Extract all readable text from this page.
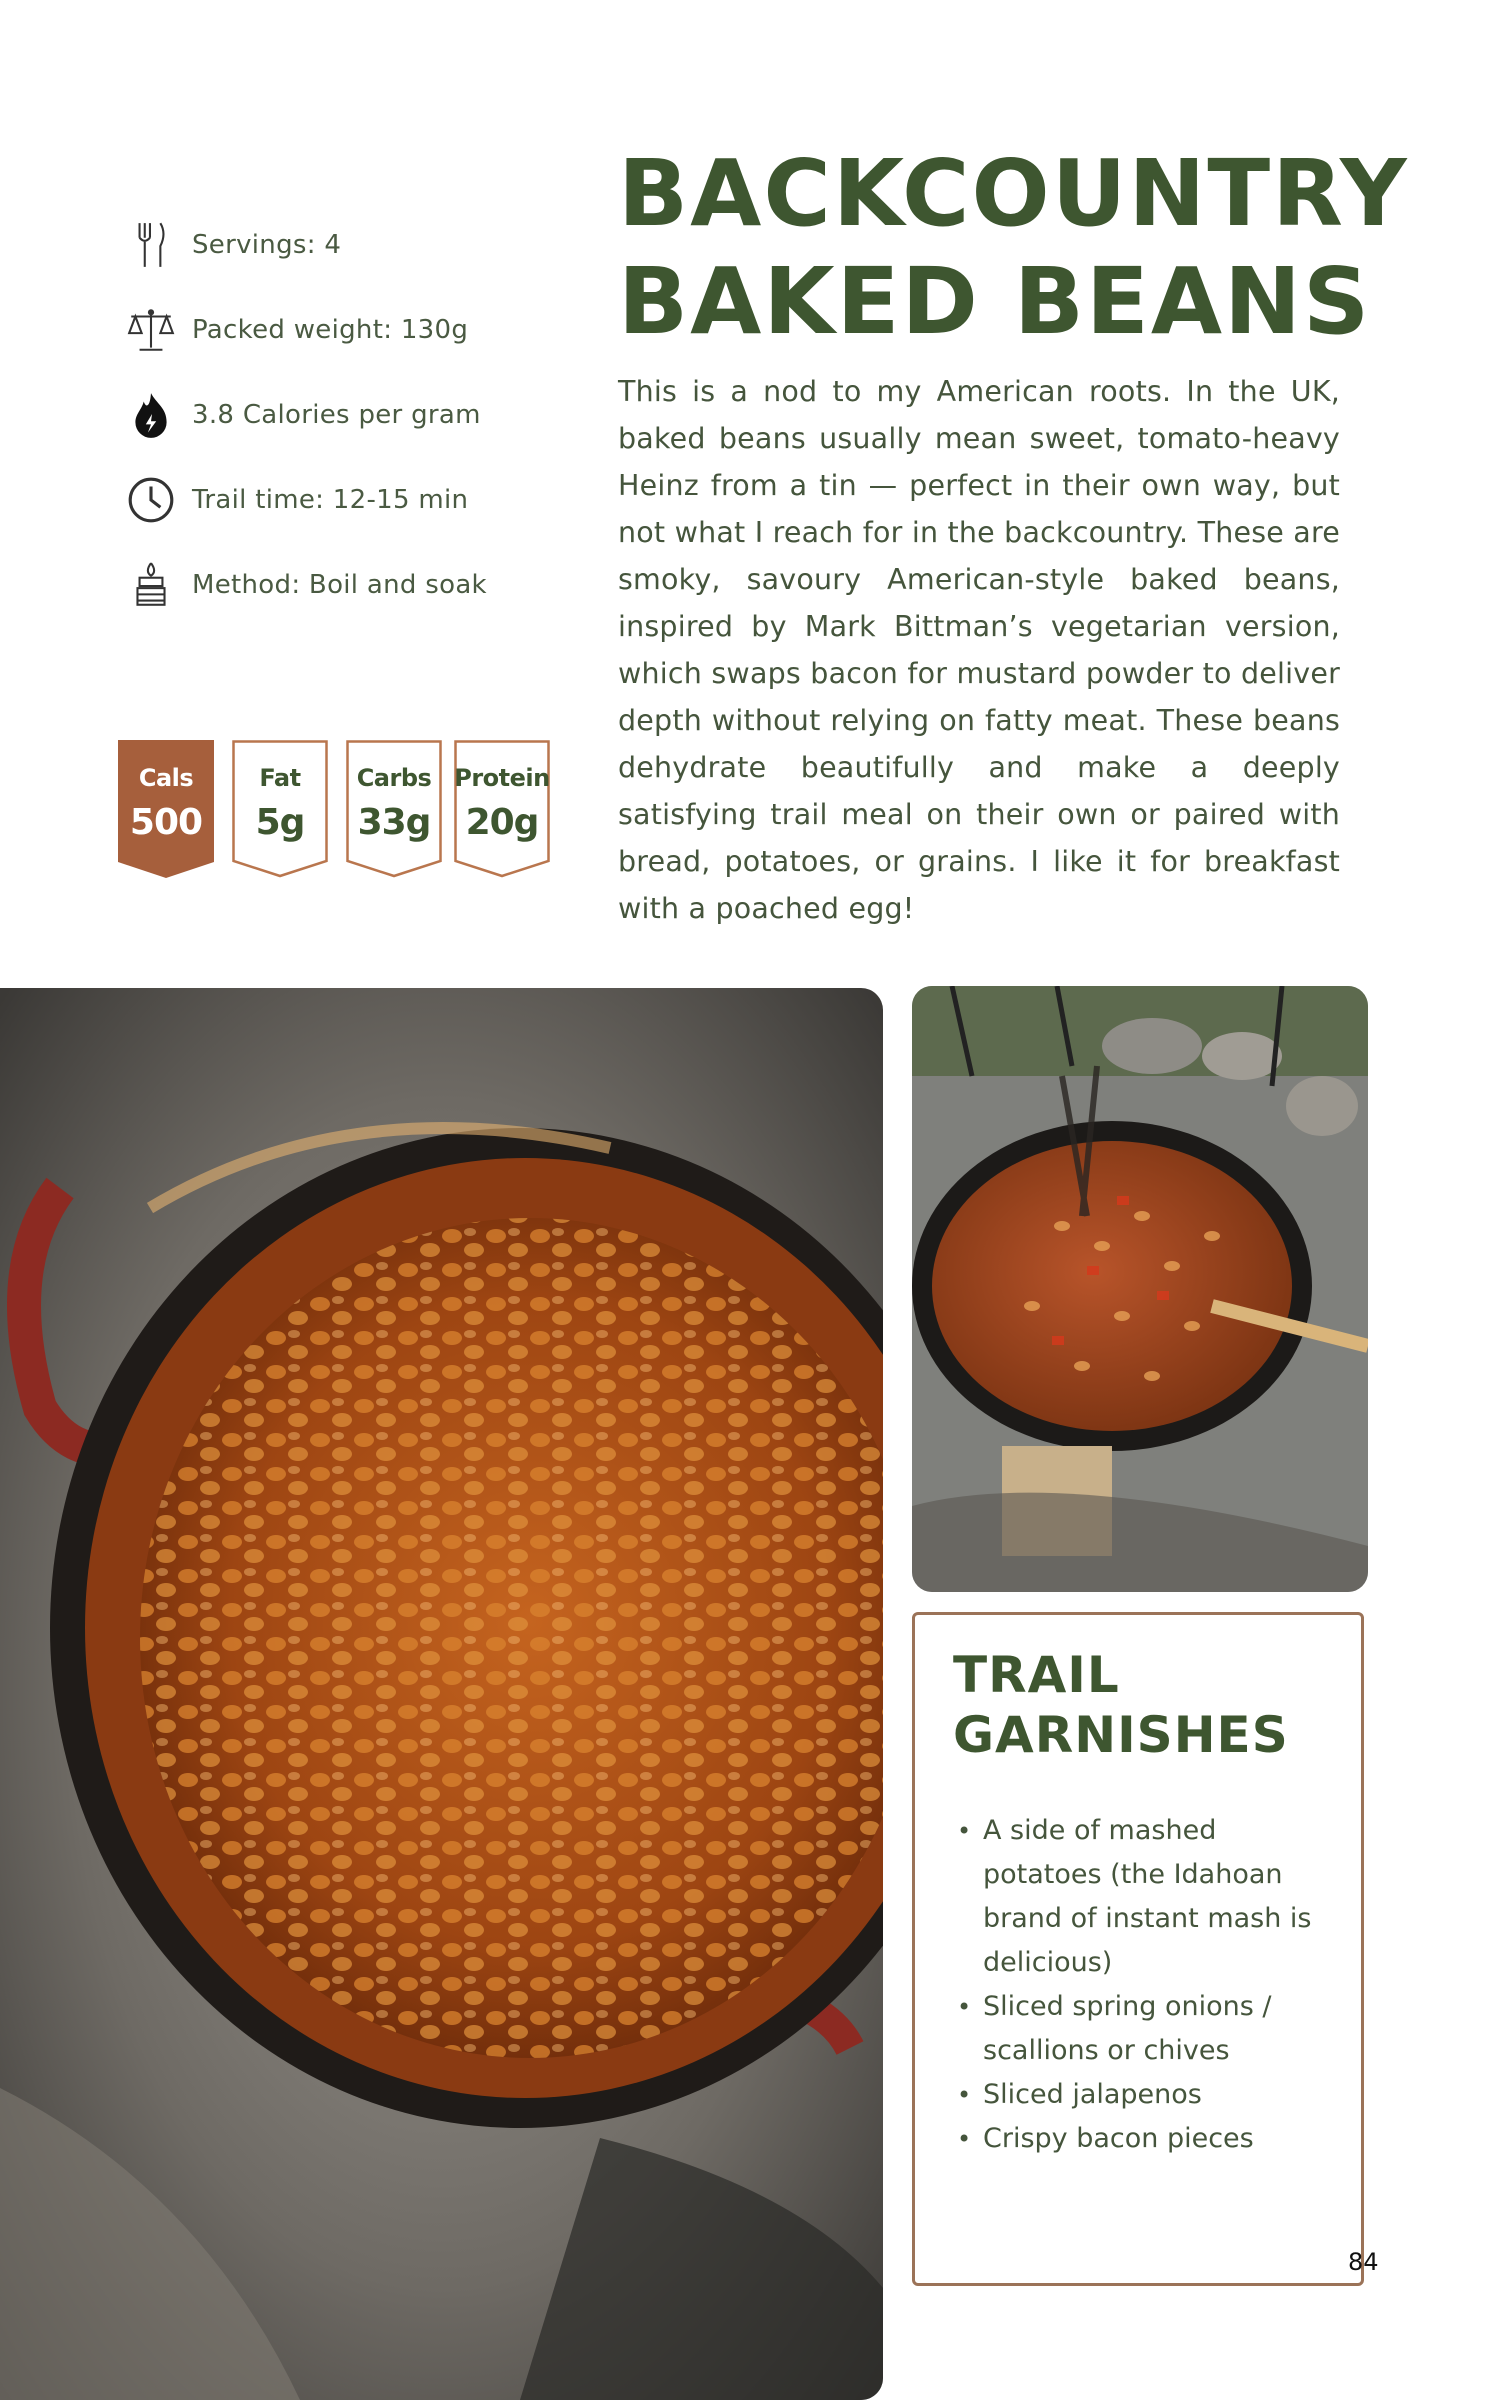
Servings: 4
Packed weight: 130g
3.8 Calories per gram
Trail time: 12-15 min
Method: Boil and soak
Cals
500
Fat
5g
Carbs
33g
Protein
20g
BACKCOUNTRY
BAKED BEANS

This is a nod to my American roots. In the UK, baked beans usually mean sweet, tomato-heavy Heinz from a tin — perfect in their own way, but not what I reach for in the backcountry. These are smoky, savoury American-style baked beans, inspired by Mark Bittman’s vegetarian version, which swaps bacon for mustard powder to deliver depth without relying on fatty meat. These beans dehydrate beautifully and make a deeply satisfying trail meal on their own or paired with bread, potatoes, or grains. I like it for breakfast with a poached egg!

TRAIL
GARNISHES
• A side of mashed potatoes (the Idahoan brand of instant mash is delicious)
• Sliced spring onions / scallions or chives
• Sliced jalapenos
• Crispy bacon pieces
84
